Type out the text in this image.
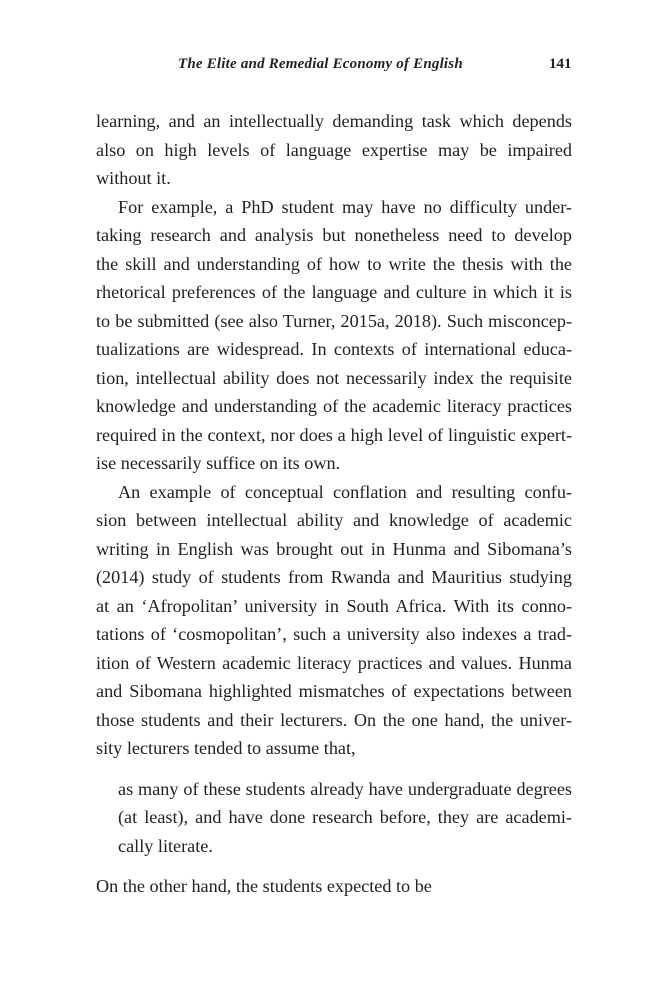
The Elite and Remedial Economy of English	141
learning, and an intellectually demanding task which depends
also on high levels of language expertise may be impaired
without it.
For example, a PhD student may have no difficulty under-
taking research and analysis but nonetheless need to develop
the skill and understanding of how to write the thesis with the
rhetorical preferences of the language and culture in which it is
to be submitted (see also Turner, 2015a, 2018). Such misconcep-
tualizations are widespread. In contexts of international educa-
tion, intellectual ability does not necessarily index the requisite
knowledge and understanding of the academic literacy practices
required in the context, nor does a high level of linguistic expert-
ise necessarily suffice on its own.
An example of conceptual conflation and resulting confu-
sion between intellectual ability and knowledge of academic
writing in English was brought out in Hunma and Sibomana’s
(2014) study of students from Rwanda and Mauritius studying
at an ‘Afropolitan’ university in South Africa. With its conno-
tations of ‘cosmopolitan’, such a university also indexes a trad-
ition of Western academic literacy practices and values. Hunma
and Sibomana highlighted mismatches of expectations between
those students and their lecturers. On the one hand, the univer-
sity lecturers tended to assume that,
as many of these students already have undergraduate degrees
(at least), and have done research before, they are academi-
cally literate.
On the other hand, the students expected to be
